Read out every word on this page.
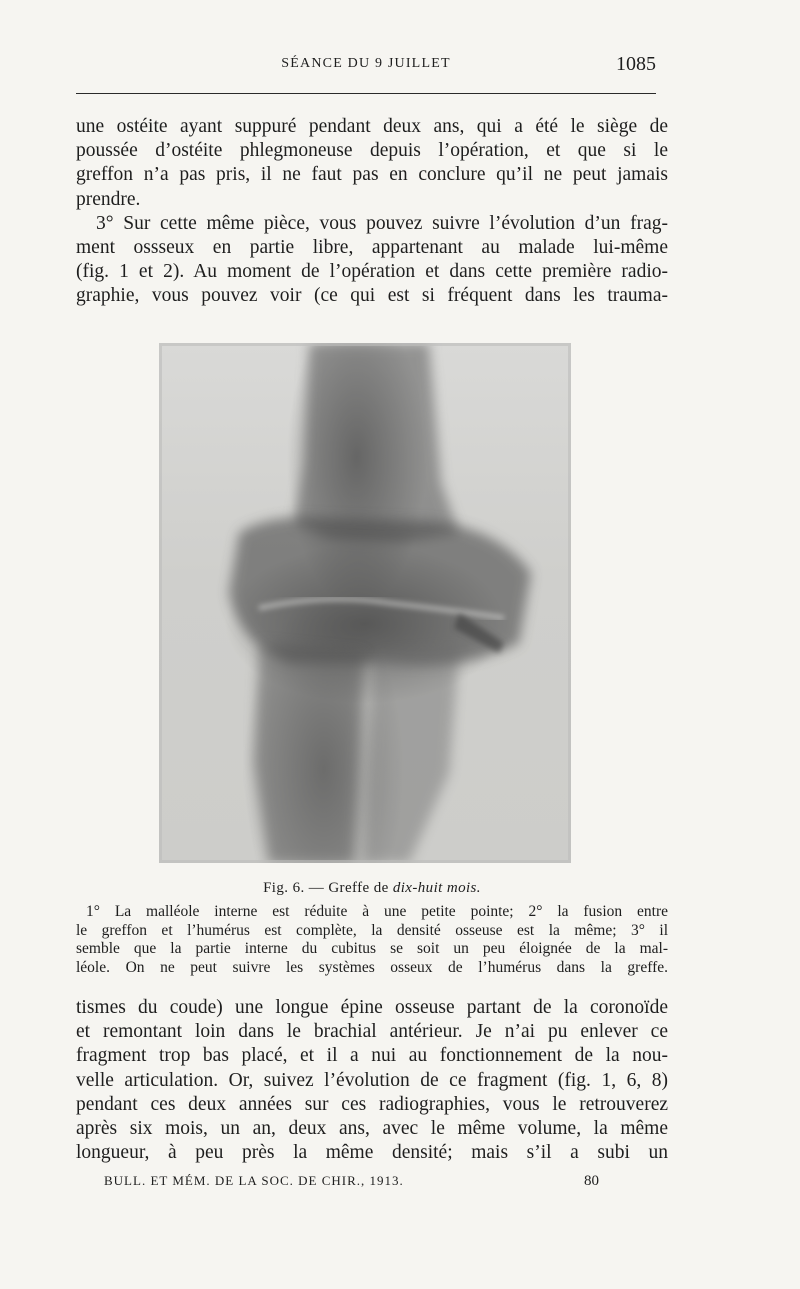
SÉANCE DU 9 JUILLET	1085
une ostéite ayant suppuré pendant deux ans, qui a été le siège de
poussée d’ostéite phlegmoneuse depuis l’opération, et que si le
greffon n’a pas pris, il ne faut pas en conclure qu’il ne peut jamais
prendre.
3° Sur cette même pièce, vous pouvez suivre l’évolution d’un frag-
ment ossseux en partie libre, appartenant au malade lui-même
(fig. 1 et 2). Au moment de l’opération et dans cette première radio-
graphie, vous pouvez voir (ce qui est si fréquent dans les trauma-
Fig. 6. — Greffe de dix-huit mois.
1° La malléole interne est réduite à une petite pointe; 2° la fusion entre
le greffon et l’humérus est complète, la densité osseuse est la même; 3° il
semble que la partie interne du cubitus se soit un peu éloignée de la mal-
léole. On ne peut suivre les systèmes osseux de l’humérus dans la greffe.
tismes du coude) une longue épine osseuse partant de la coronoïde
et remontant loin dans le brachial antérieur. Je n’ai pu enlever ce
fragment trop bas placé, et il a nui au fonctionnement de la nou-
velle articulation. Or, suivez l’évolution de ce fragment (fig. 1, 6, 8)
pendant ces deux années sur ces radiographies, vous le retrouverez
après six mois, un an, deux ans, avec le même volume, la même
longueur, à peu près la même densité; mais s’il a subi un
BULL. ET MÉM. DE LA SOC. DE CHIR., 1913.	80
